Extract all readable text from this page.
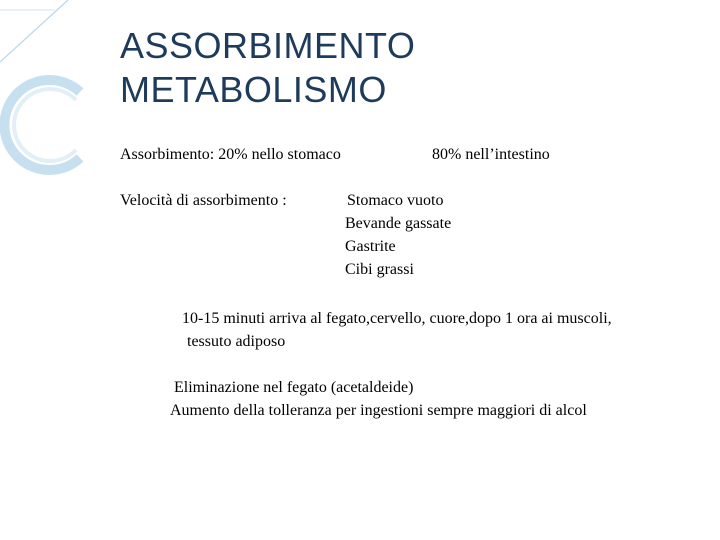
ASSORBIMENTO
METABOLISMO
Assorbimento: 20% nello stomaco	80% nell’intestino
Velocità di assorbimento :	Stomaco vuoto
Bevande gassate
Gastrite
Cibi grassi
10-15 minuti arriva al fegato,cervello, cuore,dopo 1 ora ai muscoli,
tessuto adiposo
Eliminazione nel fegato (acetaldeide)
Aumento della tolleranza per ingestioni sempre maggiori di alcol
